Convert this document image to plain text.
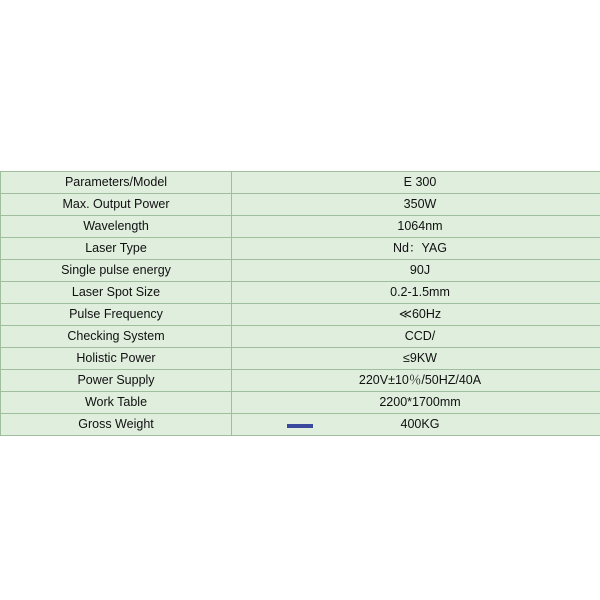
Parameters/Model	E 300
Max. Output Power	350W
Wavelength	1064nm
Laser Type	Nd：YAG
Single pulse energy	90J
Laser Spot Size	0.2-1.5mm
Pulse Frequency	≪60Hz
Checking System	CCD/
Holistic Power	≤9KW
Power Supply	220V±10％/50HZ/40A
Work Table	2200*1700mm
Gross Weight	400KG
